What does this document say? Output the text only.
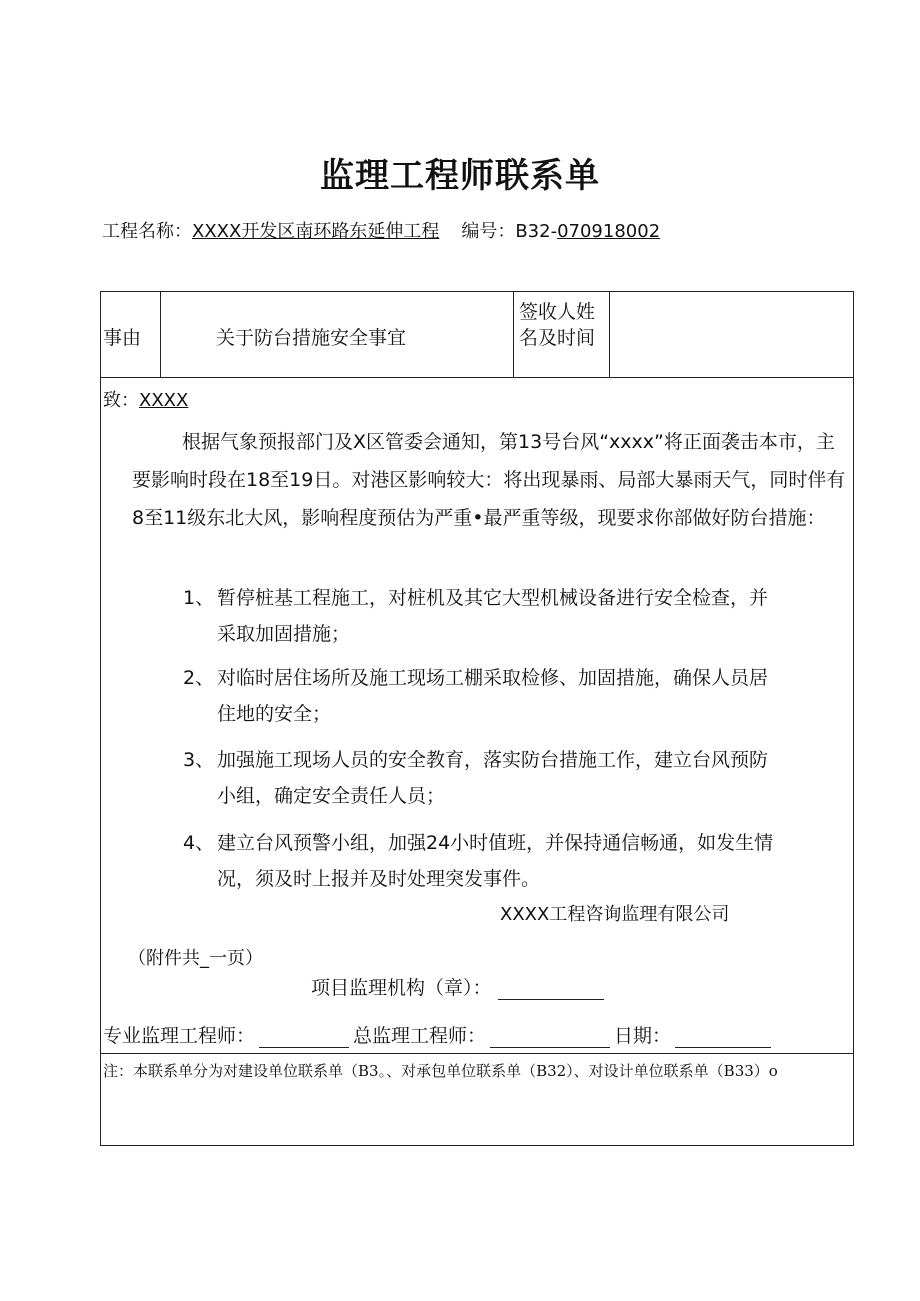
监理工程师联系单
工程名称：XXXX开发区南环路东延伸工程 编号：B32-070918002
事由	关于防台措施安全事宜
签收人姓
名及时间
致：XXXX
根据气象预报部门及X区管委会通知，第13号台风“xxxx”将正面袭击本市，主要影响时段在18至19日。对港区影响较大：将出现暴雨、局部大暴雨天气，同时伴有8至11级东北大风，影响程度预估为严重•最严重等级，现要求你部做好防台措施：
1、 暂停桩基工程施工，对桩机及其它大型机械设备进行安全检查，并
采取加固措施；
2、 对临时居住场所及施工现场工棚采取检修、加固措施，确保人员居
住地的安全；
3、 加强施工现场人员的安全教育，落实防台措施工作，建立台风预防
小组，确定安全责任人员；
4、 建立台风预警小组，加强24小时值班，并保持通信畅通，如发生情
况，须及时上报并及时处理突发事件。
XXXX工程咨询监理有限公司
（附件共_一页）
项目监理机构（章）：
专业监理工程师：	总监理工程师：	日期：
注：本联系单分为对建设单位联系单（B3。、对承包单位联系单（B32）、对设计单位联系单（B33）o
